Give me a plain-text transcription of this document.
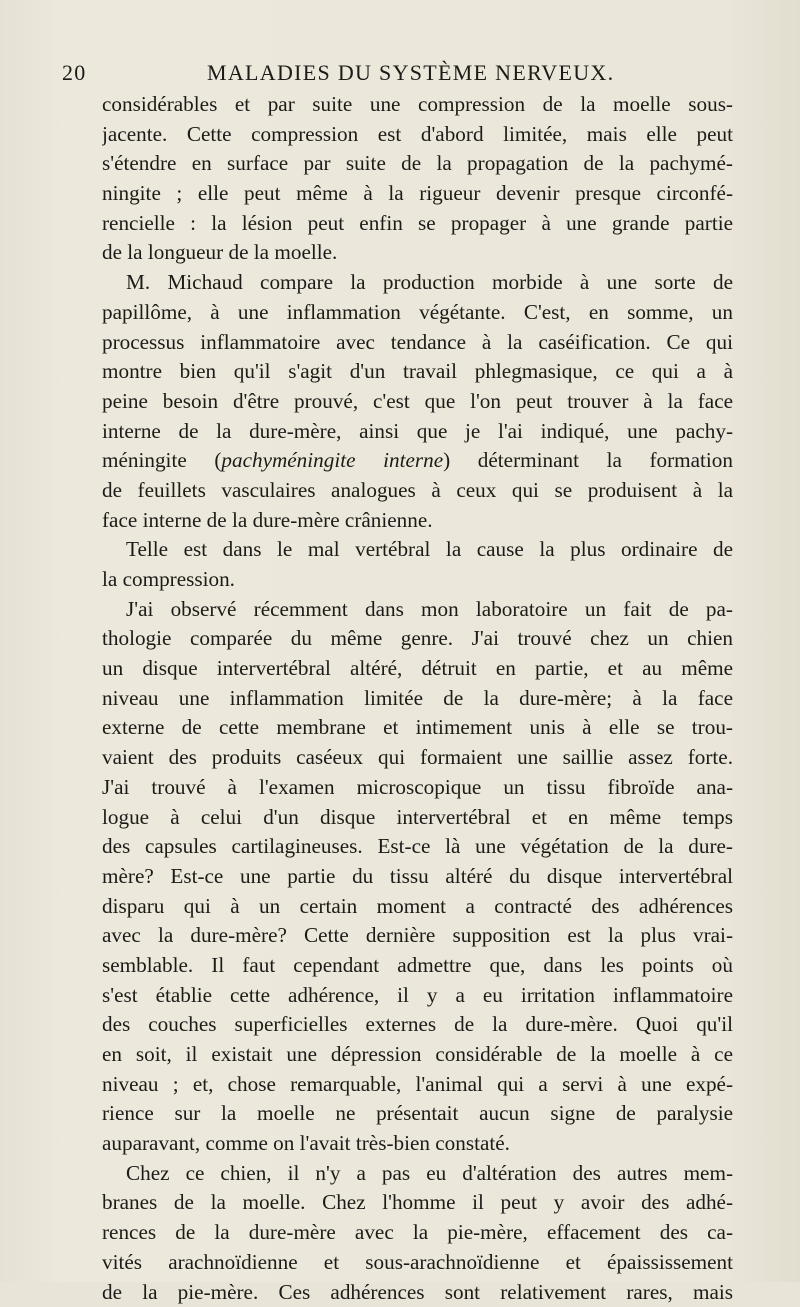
20	MALADIES DU SYSTÈME NERVEUX.
considérables et par suite une compression de la moelle sous-
jacente. Cette compression est d'abord limitée, mais elle peut
s'étendre en surface par suite de la propagation de la pachymé-
ningite ; elle peut même à la rigueur devenir presque circonfé-
rencielle : la lésion peut enfin se propager à une grande partie
de la longueur de la moelle.
M. Michaud compare la production morbide à une sorte de
papillôme, à une inflammation végétante. C'est, en somme, un
processus inflammatoire avec tendance à la caséification. Ce qui
montre bien qu'il s'agit d'un travail phlegmasique, ce qui a à
peine besoin d'être prouvé, c'est que l'on peut trouver à la face
interne de la dure-mère, ainsi que je l'ai indiqué, une pachy-
méningite (pachyméningite interne) déterminant la formation
de feuillets vasculaires analogues à ceux qui se produisent à la
face interne de la dure-mère crânienne.
Telle est dans le mal vertébral la cause la plus ordinaire de
la compression.
J'ai observé récemment dans mon laboratoire un fait de pa-
thologie comparée du même genre. J'ai trouvé chez un chien
un disque intervertébral altéré, détruit en partie, et au même
niveau une inflammation limitée de la dure-mère; à la face
externe de cette membrane et intimement unis à elle se trou-
vaient des produits caséeux qui formaient une saillie assez forte.
J'ai trouvé à l'examen microscopique un tissu fibroïde ana-
logue à celui d'un disque intervertébral et en même temps
des capsules cartilagineuses. Est-ce là une végétation de la dure-
mère? Est-ce une partie du tissu altéré du disque intervertébral
disparu qui à un certain moment a contracté des adhérences
avec la dure-mère? Cette dernière supposition est la plus vrai-
semblable. Il faut cependant admettre que, dans les points où
s'est établie cette adhérence, il y a eu irritation inflammatoire
des couches superficielles externes de la dure-mère. Quoi qu'il
en soit, il existait une dépression considérable de la moelle à ce
niveau ; et, chose remarquable, l'animal qui a servi à une expé-
rience sur la moelle ne présentait aucun signe de paralysie
auparavant, comme on l'avait très-bien constaté.
Chez ce chien, il n'y a pas eu d'altération des autres mem-
branes de la moelle. Chez l'homme il peut y avoir des adhé-
rences de la dure-mère avec la pie-mère, effacement des ca-
vités arachnoïdienne et sous-arachnoïdienne et épaississement
de la pie-mère. Ces adhérences sont relativement rares, mais
